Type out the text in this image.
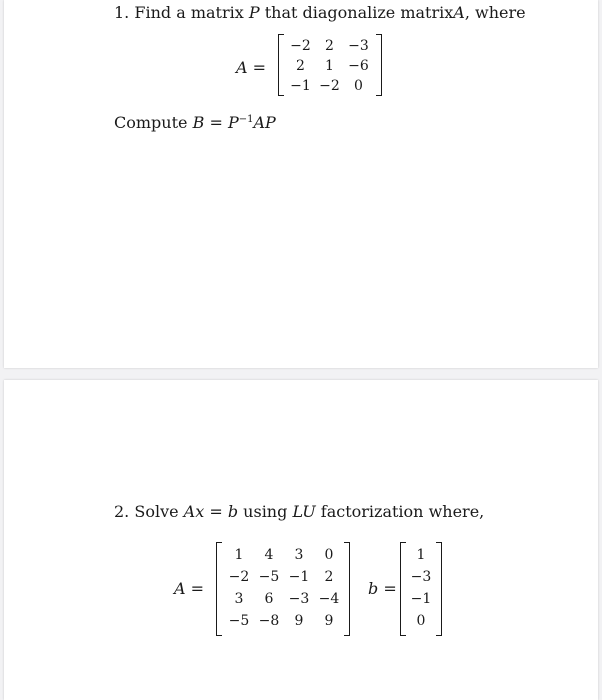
1. Find a matrix P that diagonalize matrixA, where
A =
−2	2	−3
2	1	−6
−1	−2	0
Compute $B = P^{-1}AP$
2. Solve Ax = b using LU factorization where,
A =
1	4	3	0
−2	−5	−1	2
3	6	−3	−4
−5	−8	9	9
b =
1
−3
−1
0
